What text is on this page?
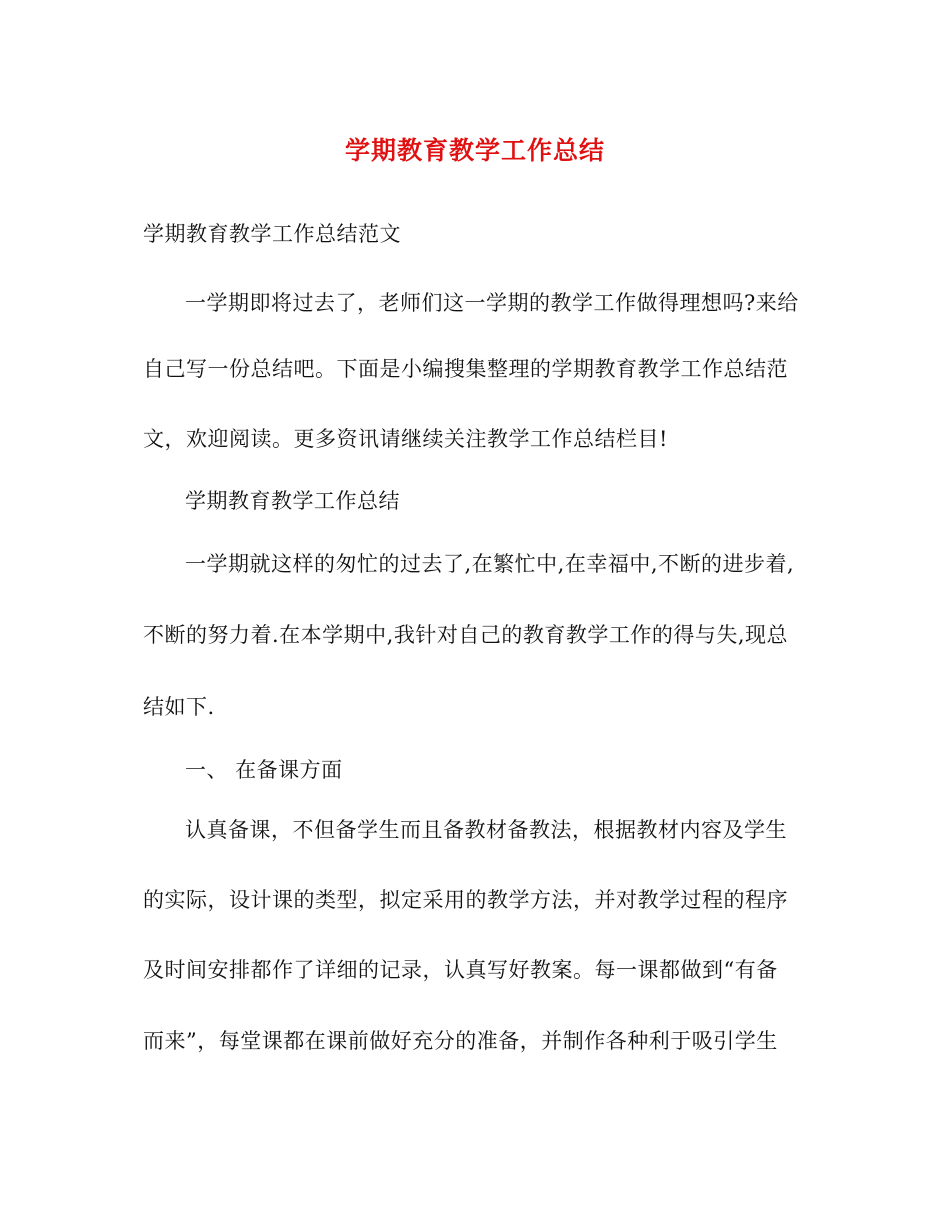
学期教育教学工作总结
学期教育教学工作总结范文
一学期即将过去了，老师们这一学期的教学工作做得理想吗?来给
自己写一份总结吧。下面是小编搜集整理的学期教育教学工作总结范
文，欢迎阅读。更多资讯请继续关注教学工作总结栏目!
学期教育教学工作总结
一学期就这样的匆忙的过去了,在繁忙中,在幸福中,不断的进步着,
不断的努力着.在本学期中,我针对自己的教育教学工作的得与失,现总
结如下.
一、 在备课方面
认真备课，不但备学生而且备教材备教法，根据教材内容及学生
的实际，设计课的类型，拟定采用的教学方法，并对教学过程的程序
及时间安排都作了详细的记录，认真写好教案。每一课都做到“有备
而来”，每堂课都在课前做好充分的准备，并制作各种利于吸引学生
